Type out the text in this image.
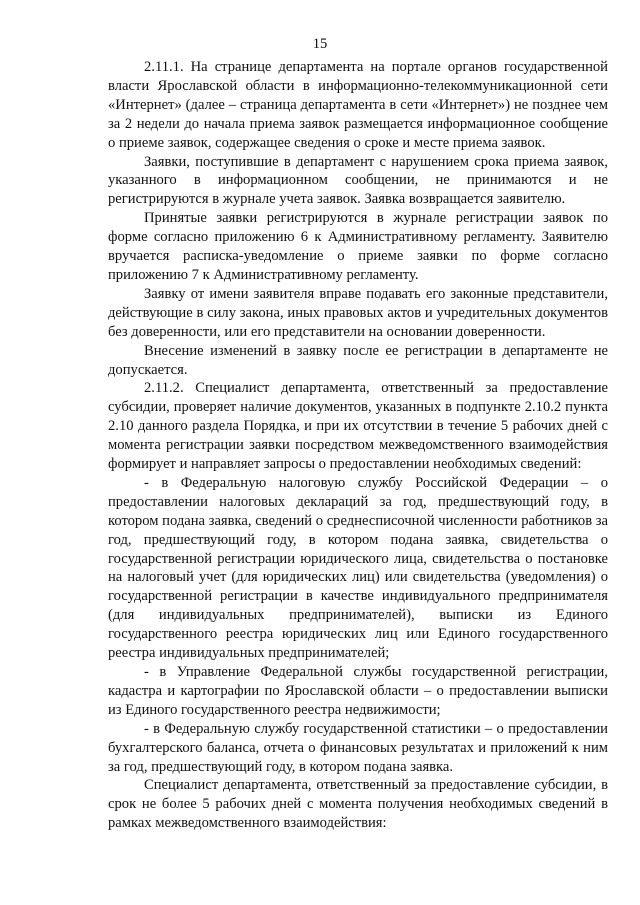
15

2.11.1. На странице департамента на портале органов государственной власти Ярославской области в информационно-телекоммуникационной сети «Интернет» (далее – страница департамента в сети «Интернет») не позднее чем за 2 недели до начала приема заявок размещается информационное сообщение о приеме заявок, содержащее сведения о сроке и месте приема заявок.

Заявки, поступившие в департамент с нарушением срока приема заявок, указанного в информационном сообщении, не принимаются и не регистрируются в журнале учета заявок. Заявка возвращается заявителю.

Принятые заявки регистрируются в журнале регистрации заявок по форме согласно приложению 6 к Административному регламенту. Заявителю вручается расписка-уведомление о приеме заявки по форме согласно приложению 7 к Административному регламенту.

Заявку от имени заявителя вправе подавать его законные представители, действующие в силу закона, иных правовых актов и учредительных документов без доверенности, или его представители на основании доверенности.

Внесение изменений в заявку после ее регистрации в департаменте не допускается.

2.11.2. Специалист департамента, ответственный за предоставление субсидии, проверяет наличие документов, указанных в подпункте 2.10.2 пункта 2.10 данного раздела Порядка, и при их отсутствии в течение 5 рабочих дней с момента регистрации заявки посредством межведомственного взаимодействия формирует и направляет запросы о предоставлении необходимых сведений:

- в Федеральную налоговую службу Российской Федерации – о предоставлении налоговых деклараций за год, предшествующий году, в котором подана заявка, сведений о среднесписочной численности работников за год, предшествующий году, в котором подана заявка, свидетельства о государственной регистрации юридического лица, свидетельства о постановке на налоговый учет (для юридических лиц) или свидетельства (уведомления) о государственной регистрации в качестве индивидуального предпринимателя (для индивидуальных предпринимателей), выписки из Единого государственного реестра юридических лиц или Единого государственного реестра индивидуальных предпринимателей;

- в Управление Федеральной службы государственной регистрации, кадастра и картографии по Ярославской области – о предоставлении выписки из Единого государственного реестра недвижимости;

- в Федеральную службу государственной статистики – о предоставлении бухгалтерского баланса, отчета о финансовых результатах и приложений к ним за год, предшествующий году, в котором подана заявка.

Специалист департамента, ответственный за предоставление субсидии, в срок не более 5 рабочих дней с момента получения необходимых сведений в рамках межведомственного взаимодействия:
